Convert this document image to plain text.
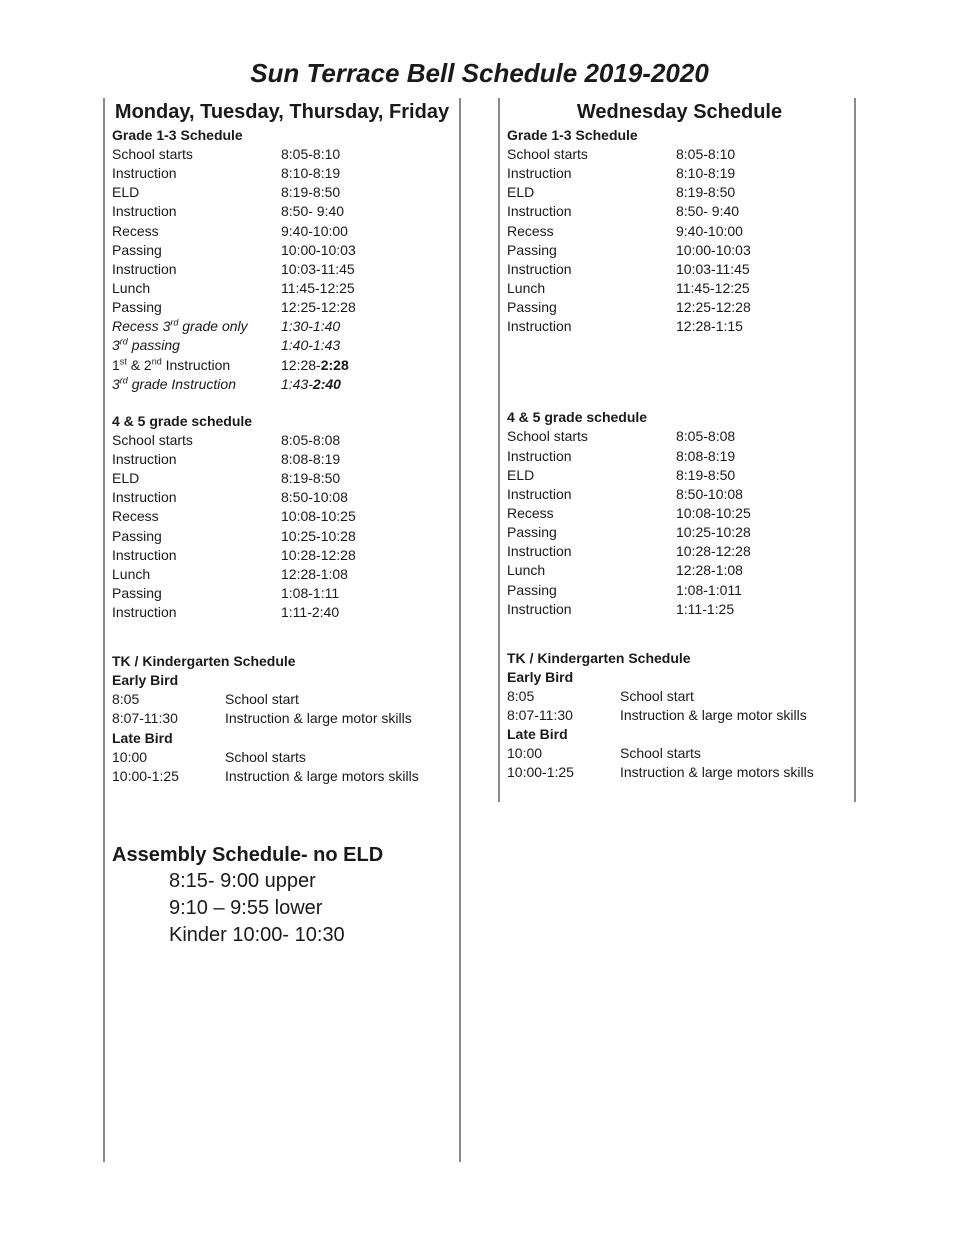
Sun Terrace Bell Schedule 2019-2020
Monday, Tuesday, Thursday, Friday
Grade 1-3 Schedule
School starts	8:05-8:10
Instruction	8:10-8:19
ELD	8:19-8:50
Instruction	8:50- 9:40
Recess	9:40-10:00
Passing	10:00-10:03
Instruction	10:03-11:45
Lunch	11:45-12:25
Passing	12:25-12:28
Recess 3rd grade only 1:30-1:40
3rd passing	1:40-1:43
1st & 2nd Instruction	12:28-2:28
3rd grade Instruction	1:43-2:40
4 & 5 grade schedule
School starts	8:05-8:08
Instruction	8:08-8:19
ELD	8:19-8:50
Instruction	8:50-10:08
Recess	10:08-10:25
Passing	10:25-10:28
Instruction	10:28-12:28
Lunch	12:28-1:08
Passing	1:08-1:11
Instruction	1:11-2:40
TK / Kindergarten Schedule
Early Bird
8:05	School start
8:07-11:30	Instruction & large motor skills
Late Bird
10:00	School starts
10:00-1:25	Instruction & large motors skills
Wednesday Schedule
Grade 1-3 Schedule
School starts	8:05-8:10
Instruction	8:10-8:19
ELD	8:19-8:50
Instruction	8:50- 9:40
Recess	9:40-10:00
Passing	10:00-10:03
Instruction	10:03-11:45
Lunch	11:45-12:25
Passing	12:25-12:28
Instruction	12:28-1:15
4 & 5 grade schedule
School starts	8:05-8:08
Instruction	8:08-8:19
ELD	8:19-8:50
Instruction	8:50-10:08
Recess	10:08-10:25
Passing	10:25-10:28
Instruction	10:28-12:28
Lunch	12:28-1:08
Passing	1:08-1:011
Instruction	1:11-1:25
TK / Kindergarten Schedule
Early Bird
8:05	School start
8:07-11:30	Instruction & large motor skills
Late Bird
10:00	School starts
10:00-1:25	Instruction & large motors skills
Assembly Schedule- no ELD
8:15- 9:00 upper
9:10 – 9:55 lower
Kinder 10:00- 10:30
